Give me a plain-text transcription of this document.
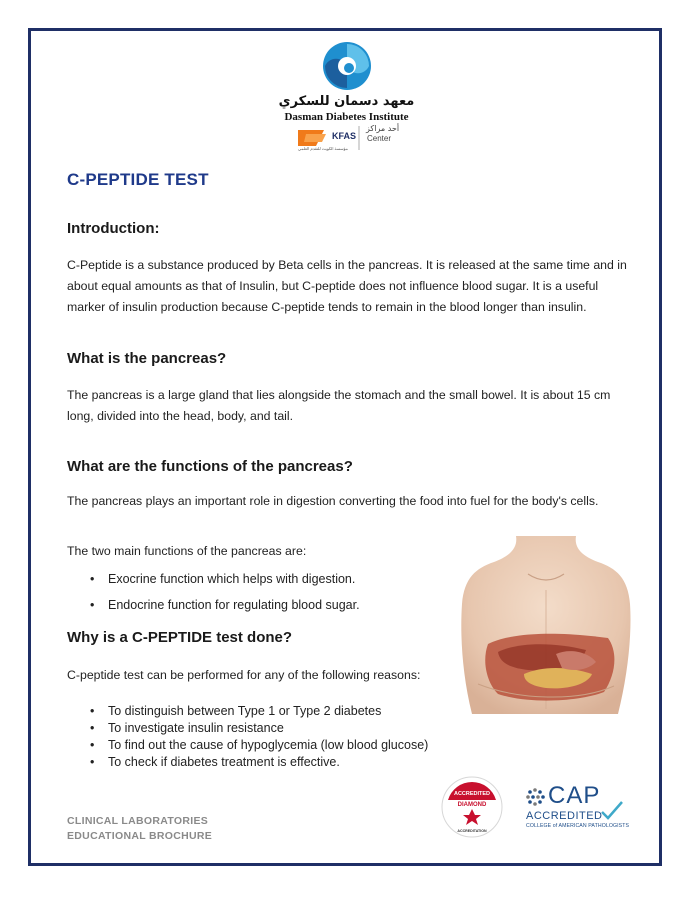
معهد دسمان للسكري
Dasman Diabetes Institute
KFAS
مؤسسة الكويت للتقدم العلمي
أحد مراكز
Center
C-PEPTIDE TEST
Introduction:

C-Peptide is a substance produced by Beta cells in the pancreas. It is released at the same time and in about equal amounts as that of Insulin, but C-peptide does not influence blood sugar. It is a useful marker of insulin production because C-peptide tends to remain in the blood longer than insulin.

What is the pancreas?

The pancreas is a large gland that lies alongside the stomach and the small bowel. It is about 15 cm long, divided into the head, body, and tail.

What are the functions of the pancreas?

The pancreas plays an important role in digestion converting the food into fuel for the body's cells.

The two main functions of the pancreas are:

• Exocrine function which helps with digestion.
• Endocrine function for regulating blood sugar.
Why is a C-PEPTIDE test done?

C-peptide test can be performed for any of the following reasons:

• To distinguish between Type 1 or Type 2 diabetes
• To investigate insulin resistance
• To find out the cause of hypoglycemia (low blood glucose)
• To check if diabetes treatment is effective.
CLINICAL LABORATORIES
EDUCATIONAL BROCHURE
ACCREDITED
DIAMOND
ACCREDITATION
CAP
ACCREDITED
COLLEGE of AMERICAN PATHOLOGISTS
